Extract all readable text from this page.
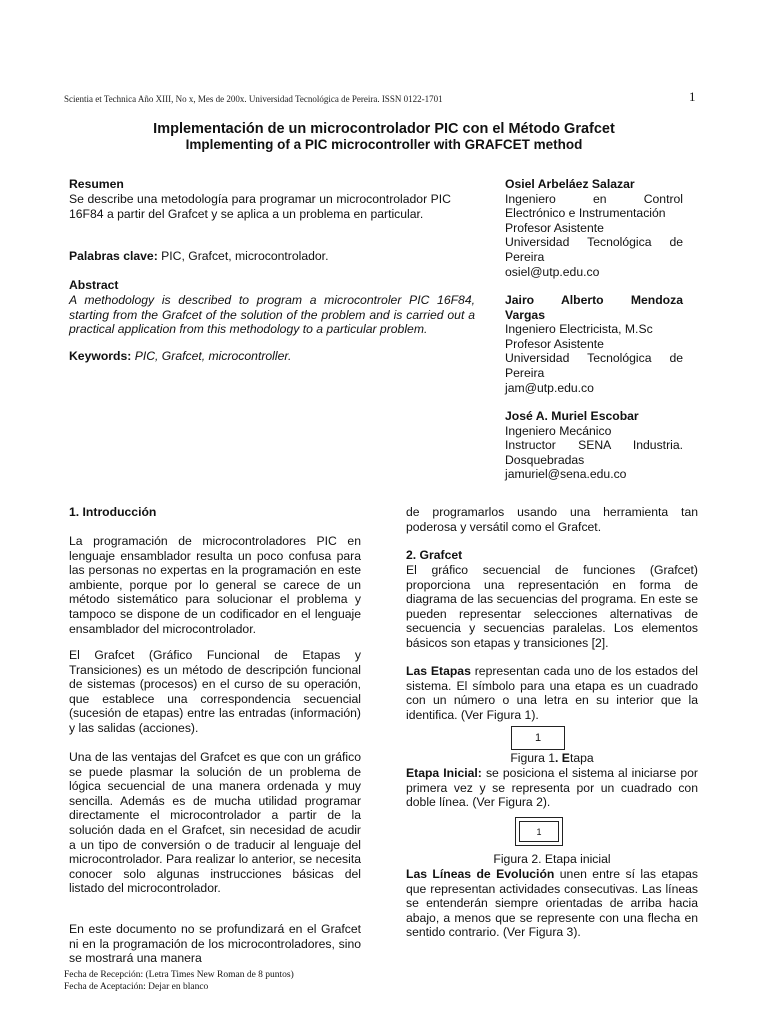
Scientia et Technica Año XIII, No x, Mes de 200x. Universidad Tecnológica de Pereira. ISSN 0122-1701	1
Implementación de un microcontrolador PIC con el Método Grafcet
Implementing of a PIC microcontroller with GRAFCET method
Resumen

Se describe una metodología para programar un microcontrolador PIC 16F84 a partir del Grafcet y se aplica a un problema en particular.

Palabras clave: PIC, Grafcet, microcontrolador.

Abstract

A methodology is described to program a microcontroler PIC 16F84, starting from the Grafcet of the solution of the problem and is carried out a practical application from this methodology to a particular problem.

Keywords: PIC, Grafcet, microcontroller.

Osiel Arbeláez Salazar
Ingeniero en Control
Electrónico e Instrumentación
Profesor Asistente
Universidad Tecnológica de
Pereira
osiel@utp.edu.co
Jairo Alberto Mendoza
Vargas
Ingeniero Electricista, M.Sc
Profesor Asistente
Universidad Tecnológica de
Pereira
jam@utp.edu.co
José A. Muriel Escobar
Ingeniero Mecánico
Instructor SENA Industria.
Dosquebradas
jamuriel@sena.edu.co
1. Introducción

La programación de microcontroladores PIC en lenguaje ensamblador resulta un poco confusa para las personas no expertas en la programación en este ambiente, porque por lo general se carece de un método sistemático para solucionar el problema y tampoco se dispone de un codificador en el lenguaje ensamblador del microcontrolador.

El Grafcet (Gráfico Funcional de Etapas y Transiciones) es un método de descripción funcional de sistemas (procesos) en el curso de su operación, que establece una correspondencia secuencial (sucesión de etapas) entre las entradas (información) y las salidas (acciones).

Una de las ventajas del Grafcet es que con un gráfico se puede plasmar la solución de un problema de lógica secuencial de una manera ordenada y muy sencilla. Además es de mucha utilidad programar directamente el microcontrolador a partir de la solución dada en el Grafcet, sin necesidad de acudir a un tipo de conversión o de traducir al lenguaje del microcontrolador. Para realizar lo anterior, se necesita conocer solo algunas instrucciones básicas del listado del microcontrolador.

En este documento no se profundizará en el Grafcet ni en la programación de los microcontroladores, sino se mostrará una manera

de programarlos usando una herramienta tan poderosa y versátil como el Grafcet.

2. Grafcet

El gráfico secuencial de funciones (Grafcet) proporciona una representación en forma de diagrama de las secuencias del programa. En este se pueden representar selecciones alternativas de secuencia y secuencias paralelas. Los elementos básicos son etapas y transiciones [2].

Las Etapas representan cada uno de los estados del sistema. El símbolo para una etapa es un cuadrado con un número o una letra en su interior que la identifica. (Ver Figura 1).

1
Figura 1. Etapa

Etapa Inicial: se posiciona el sistema al iniciarse por primera vez y se representa por un cuadrado con doble línea. (Ver Figura 2).

1
Figura 2. Etapa inicial

Las Líneas de Evolución unen entre sí las etapas que representan actividades consecutivas. Las líneas se entenderán siempre orientadas de arriba hacia abajo, a menos que se represente con una flecha en sentido contrario. (Ver Figura 3).

Fecha de Recepción: (Letra Times New Roman de 8 puntos)
Fecha de Aceptación: Dejar en blanco
